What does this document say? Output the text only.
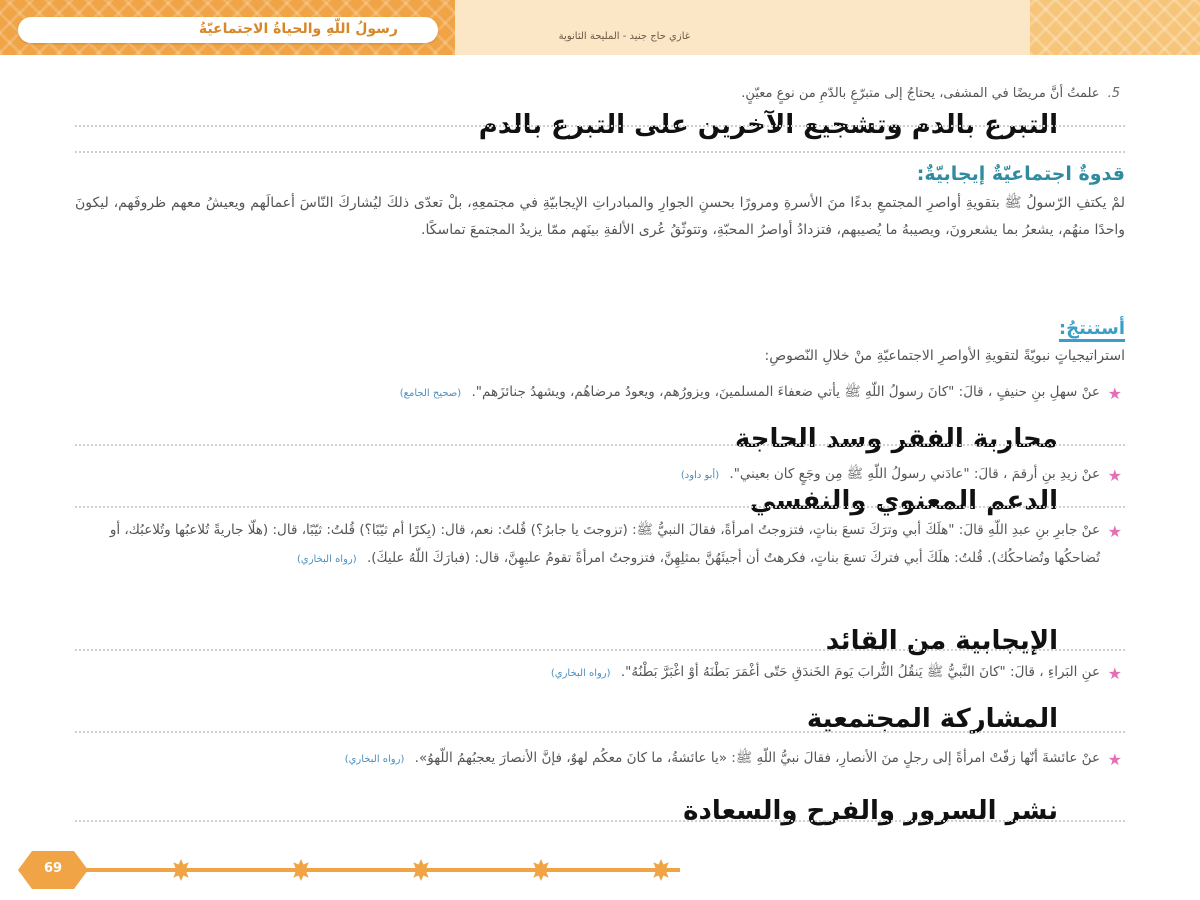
رسولُ اللّهِ والحياةُ الاجتماعيّةُ	غازي حاج جنيد - المليحة الثانوية
5.علمتُ أنَّ مريضًا في المشفى، يحتاجُ إلى متبرّعٍ بالدّمِ من نوعٍ معيّنٍ.
التبرع بالدم وتشجيع الآخرين على التبرع بالدم
قدوةٌ اجتماعيّةٌ إيجابيّةٌ:
لمْ يكتفِ الرّسولُ ﷺ بتقويةِ أواصرِ المجتمعِ بدءًا منَ الأسرةِ ومرورًا بحسنِ الجوارِ والمبادراتِ الإيجابيّةِ في مجتمعِهِ، بلْ تعدّى ذلكَ ليُشاركَ النّاسَ أعمالَهم ويعيشُ معهم ظروفَهم، ليكونَ واحدًا منهُم، يشعرُ بما يشعرونَ، ويصيبهُ ما يُصيبهم، فتزدادُ أواصرُ المحبّةِ، وتتوثّقُ عُرى الألفةِ بينَهم ممّا يزيدُ المجتمعَ تماسكًا.
أستنتجُ:
استراتيجياتٍ نبويّةً لتقويةِ الأواصرِ الاجتماعيّةِ منْ خلالِ النّصوصِ:
★
عنْ سهلِ بنِ حنيفٍ ، قالَ: "كانَ رسولُ اللّهِ ﷺ يأتي ضعفاءَ المسلمينَ، ويزورُهم، ويعودُ مرضاهُم، ويشهدُ جنائزَهم". (صحيح الجامع)
محاربة الفقر وسد الحاجة
★
عنْ زيدِ بنِ أرقمَ ، قالَ: "عادَني رسولُ اللّهِ ﷺ مِن وجَعٍ كان بعيني". (أبو داود)
الدعم المعنوي والنفسي
★
عنْ جابرِ بنِ عبدِ اللّهِ قالَ: "هلَكَ أبي وترَكَ تسعَ بناتٍ، فتزوجتُ امرأةً، فقالَ النبيُّ ﷺ: (تزوجتَ يا جابرُ؟) قُلتُ: نعم، قال: (بِكرًا أم ثيّبًا؟) قُلتُ: ثيّبًا، قال: (هلّا جاريةً تُلاعبُها وتُلاعبُك، أو تُضاحكُها وتُضاحكُك). قُلتُ: هلَكَ أبي فتركَ تسعَ بناتٍ، فكرهتُ أن أجيئَهُنَّ بمثلِهِنَّ، فتزوجتُ امرأةً تقومُ عليهِنَّ، قال: (فبارَكَ اللّهُ عليكَ). (رواه البخاري)
الإيجابية من القائد
★
عنِ البَراءِ ، قالَ: "كانَ النَّبيُّ ﷺ يَنقُلُ التُّرابَ يَومَ الخَندَقِ حَتّى أغْمَرَ بَطْنَهُ أوْ اغْبَرَّ بَطْنُهُ". (رواه البخاري)
المشاركة المجتمعية
★
عنْ عائشةَ أنّها زفّتْ امرأةً إلى رجلٍ منَ الأنصارِ، فقالَ نبيُّ اللّهِ ﷺ: «يا عائشةُ، ما كانَ معكُم لهوٌ، فإنَّ الأنصارَ يعجبُهمُ اللّهوُ». (رواه البخاري)
نشر السرور والفرح والسعادة
69
